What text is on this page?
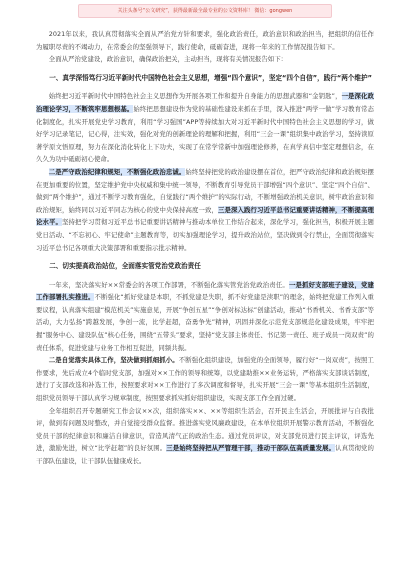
关注头条号“公文研究”，获得最新最全最专业的公文资料库！ 微信：gongwen

2021年以来，我认真贯彻落实全面从严治党方针和要求，强化政治责任，政治意识和政治担当，把组织的信任作为履职尽责的不竭动力，在常委会的坚强领导下，践行使命，砥砺奋进，现将一年来的工作情况报告如下。

全面从严治党建设，政治意识，确保政治把关，主动担当，现将有关情况报告如下：

一、真学深悟笃行习近平新时代中国特色社会主义思想，增强“四个意识”，坚定“四个自信”，践行“两个维护”

始终把习近平新时代中国特色社会主义思想作为开展各项工作和提升自身能力的思想武器和“金钥匙”，一是深化政治理论学习，不断筑牢思想根基。始终把思想建设作为党的基础性建设来抓在手里，深入推进“两学一做”学习教育常态化制度化，扎实开展党史学习教育，利用“学习强国”APP等持续加大对习近平新时代中国特色社会主义思想的学习，做好学习记录笔记，记心得，注实效，强化对党的创新理论的理解和把握，利用“三会一课”组织集中政治学习，坚持读原著学原文悟原理，努力在深化消化转化上下功夫，实现了在常学常新中加强理论修养，在真学真信中坚定理想信念，在久久为功中砥砺初心使命。

二是严守政治纪律和规矩，不断强化政治忠诚。始终坚持把党的政治建设摆在首位，把严守政治纪律和政治规矩摆在更加重要的位置，坚定维护党中央权威和集中统一领导，不断教育引导党员干部增强“四个意识”、坚定“四个自信”、做到“两个维护”，通过不断学习教育强化，自觉践行“两个维护”的实际行动，不断增强政治机关意识，树牢政治意识和政治规矩，始终同以习近平同志为核心的党中央保持高度一致，三是深入践行习近平总书记重要讲话精神，不断提高理论水平。坚持把学习贯彻习近平总书记重要讲话精神与推动本单位工作结合起来，深化学习，强化担当，积极开展主题党日活动、“不忘初心、牢记使命”主题教育等，切实加强理论学习，提升政治站位，坚决做到令行禁止，全面贯彻落实习近平总书记各项重大决策部署和重要指示批示精神。

二、切实提高政治站位，全面落实管党治党政治责任

一年来，坚决落实好××常委会的各项工作部署，不断强化落实管党治党政治责任。一是抓好支部班子建设，党建工作部署扎实推进。不断强化“抓好党建是本职，不抓党建是失职，抓不好党建是渎职”的理念，始终把党建工作列入重要议程，认真落实组建“模范机关”实施意见，开展“争创五星”“争创对标达标”创建活动，推动“书香机关、书香支部”等活动，大力弘扬“跨越发展，争创一流，比学赶超，奋勇争先”精神，巩固并深化示范党支部规范化建设成果，牢牢把握“服务中心、建设队伍”核心任务，围绕“五带头”要求，坚持“党支部主体责任、书记第一责任、班子成员一岗双责”的责任体系，促进党建与业务工作相互促进，同频共振。

二是自觉落实具体工作，坚决做到抓细抓小。不断强化组织建设，加强党的全面领导，履行好“一岗双责”，按照工作要求，先后成立4个临时党支部，加强对××工作的领导和统筹，以党建助推××业务运转，严格落实支部谈话制度，进行了支部改选和补选工作，按照要求对××工作进行了多次调度和督导，扎实开展“三会一课”等基本组织生活制度，组织党员领导干部认真学习规章制度，按照要求抓实抓好组织建设，实现支部工作全面过硬。

全年组织召开专题研究工作会议××次，组织落实××、××等组织生活会，召开民主生活会，开展批评与自我批评，做到有问题及时整改，并自觉接受群众监督。推进落实党风廉政建设，在本单位组织开展警示教育活动，不断强化党员干部的纪律意识和廉洁自律意识，营造风清气正的政治生态。通过党员评议，对支部党员进行民主评议，评选先进，激励先进，树立“比学赶超”的良好氛围。三是始终坚持把从严管理干部，推动干部队伍高质量发展。认真贯彻党的干部队伍建设，让干部队伍健康成长。
